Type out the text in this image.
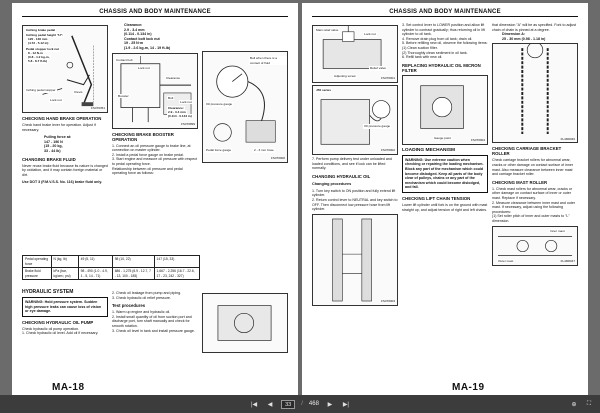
CHASSIS AND BODY MAINTENANCE
Inching brake pedal
Inching pedal height "H":
120 - 130 mm
(4.72 - 5.12 in)
Pedal stopper lock nut
8 - 12 N·m
(0.8 - 1.2 kg-m,
5.8 - 8.7 ft-lb)
Inching pedal stopper
Lock nut
Clevis
FS4T0351
CHECKING HAND BRAKE OPERATION
Check hand brake lever for operation. Adjust if necessary.
Pulling force at:
147 - 196 N
(15 - 20 kg,
33 - 44 lb)
CHANGING BRAKE FLUID
Never reuse brake fluid because its nature is changed by oxidation, and it may contain foreign material or dirt.
Use DOT 3 (F.M.V.S.S. No. 116) brake fluid only.
Clearance:
2.9 - 3.4 mm
(0.114 - 0.134 in)
Contact bolt lock nut
19 - 25 N·m
(1.9 - 2.6 kg-m, 14 - 19 ft-lb)
Contact bolt
Lock nut
Booster
Clearance
Bolt
Lock nut
Clearance:
2.9 - 3.4 mm
(0.114 - 0.134 in)
FS4T0899
CHECKING BRAKE BOOSTER OPERATION
1. Connect an oil pressure gauge to brake line, at connection on master cylinder.
2. Install a pedal force gauge on brake pedal.
3. Start engine and measure oil pressure with respect to pedal operating force.
Relationship between oil pressure and pedal operating force as follows:
Boll when there is a contact of fluid
Oil pressure gauge
2 - 3 mm hose
Pedal force gauge
FS4T0900
Pedal operating force	N (kg, lb)	49 (5, 11)	98 (10, 22)	147 (15, 33)
Brake fluid pressure	kPa (bar, kg/cm², psi)	98 - 490 (1.0 - 4.9, 1 - 5, 14 - 71)	686 - 1,275 (6.9 - 12.7, 7 - 13, 100 - 185)	1,667 - 2,256 (16.7 - 22.6, 17 - 23, 242 - 327)
HYDRAULIC SYSTEM
WARNING: Hold pressure system. Sudden high pressure leaks can cause loss of vision or eye damage.
CHECKING HYDRAULIC OIL PUMP
Check hydraulic oil pump operation.
1. Check hydraulic oil level. Add oil if necessary.
2. Check oil leakage from pump and piping.
3. Check hydraulic oil relief pressure.
Test procedures
1. Warm up engine and hydraulic oil.
2. Install small quantity of oil from suction port and discharge port, turn shaft manually and check for smooth rotation.
3. Check oil level in tank and install pressure gauge.
MA-18
CHASSIS AND BODY MAINTENANCE
Main relief valve
Lock nut
Adjusting screw
Relief valve
FS4T0901
J50 series
Oil pressure gauge
FS4T0902
7. Perform pump delivery test under unloaded and loaded conditions, and see if lock can be lifted normally.
CHANGING HYDRAULIC OIL
Changing procedures
1. Turn key switch to ON position and fully extend lift cylinder.
2. Return control lever to NEUTRAL and key switch to OFF. Then disconnect low pressure hose from lift cylinder.
FS4T0903
3. Set control lever to LOWER position and allow lift cylinder to contract gradually; thus returning oil in lift cylinder to oil tank.
4. Remove drain plug from oil tank; drain oil.
5. Before refilling new oil, observe the following items:
(1) Clean suction filter.
(2) Thoroughly clean sediment in oil tank.
6. Refill tank with new oil.
REPLACING HYDRAULIC OIL MICRON FILTER
Gauge point
FS4T0904
LOADING MECHANISM
WARNING: Use extreme caution when checking or repairing the loading mechanism. Block any part of the mechanism which could become dislodged. Keep all parts of the body clear of pulleys, chains or any part of the mechanism which could become dislodged, and fall.
CHECKING LIFT CHAIN TENSION
Lower lift cylinder until fork is on the ground with mast straight up, and adjust tension of right and left chains.
that dimension "A" will be as specified. Fork to adjust chain of chain is pinned at a degree.
Dimension A:
25 - 30 mm (0.98 - 1.18 in)
FL4M0046
CHECKING CARRIAGE BRACKET ROLLER
Check carriage bracket rollers for abnormal wear, cracks or other damage on contact surface of inner mast. Also measure clearance between inner mast and carriage bracket roller.
CHECKING MAST ROLLER
1. Check mast rollers for abnormal wear, cracks or other damage on contact surface of inner or outer mast. Replace if necessary.
2. Measure clearance between inner mast and outer mast. If necessary, adjust using the following procedures:
(1) Set roller pitch of inner and outer masts to "L" dimension.
Outer mast
Inner mast
FL4M0047
MA-19
|◀	◀	33	/ 468	▶	▶|	⊕	⛶
